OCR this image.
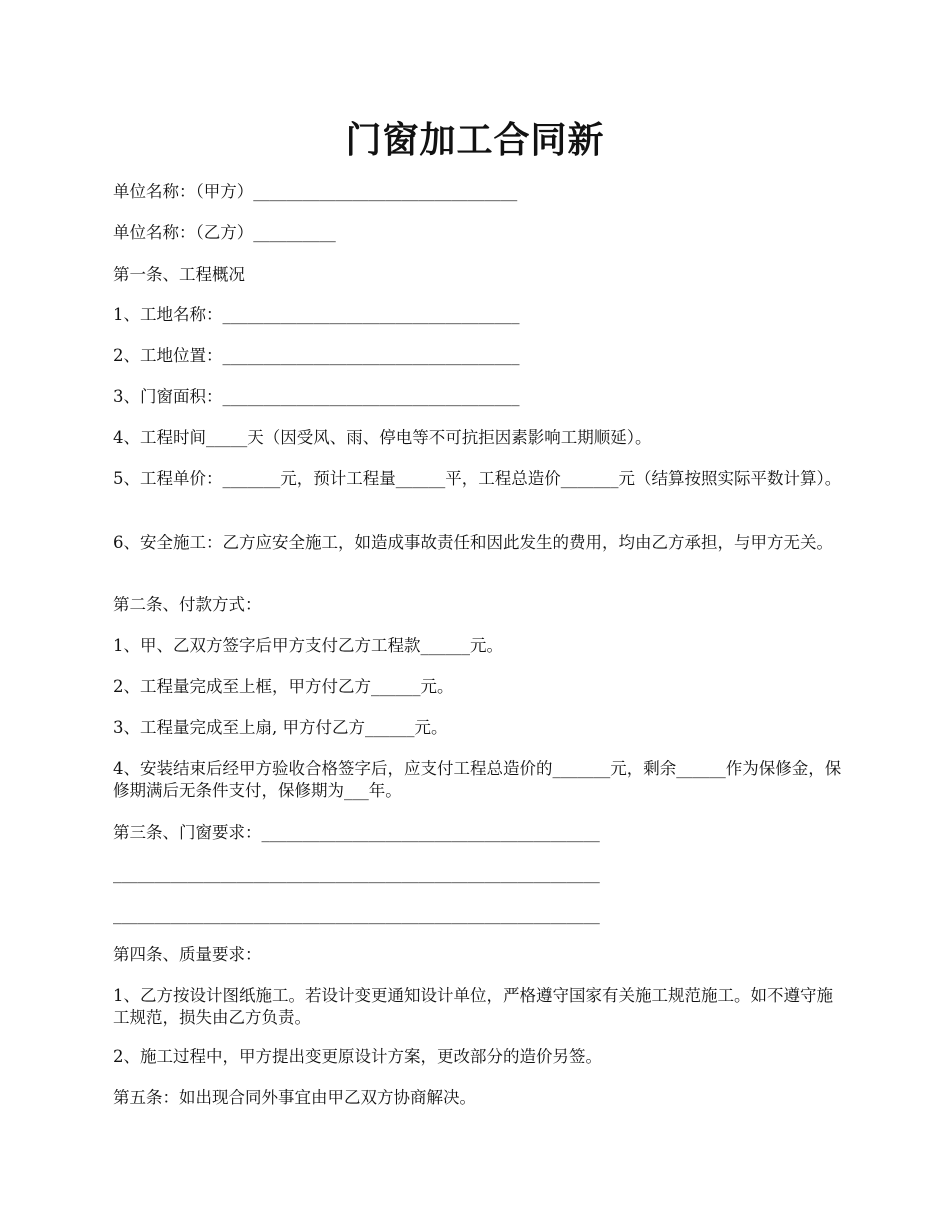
门窗加工合同新

单位名称：（甲方）________________________________

单位名称：（乙方）__________

第一条、工程概况

1、工地名称：____________________________________

2、工地位置：____________________________________

3、门窗面积：____________________________________

4、工程时间_____天（因受风、雨、停电等不可抗拒因素影响工期顺延）。

5、工程单价：_______元，预计工程量______平，工程总造价_______元（结算按照实际平数计算）。

6、安全施工：乙方应安全施工，如造成事故责任和因此发生的费用，均由乙方承担，与甲方无关。

第二条、付款方式：

1、甲、乙双方签字后甲方支付乙方工程款______元。

2、工程量完成至上框，甲方付乙方______元。

3、工程量完成至上扇, 甲方付乙方______元。

4、安装结束后经甲方验收合格签字后，应支付工程总造价的_______元，剩余______作为保修金，保修期满后无条件支付，保修期为___年。

第三条、门窗要求：_________________________________________

___________________________________________________________

___________________________________________________________

第四条、质量要求：

1、乙方按设计图纸施工。若设计变更通知设计单位，严格遵守国家有关施工规范施工。如不遵守施工规范，损失由乙方负责。

2、施工过程中，甲方提出变更原设计方案，更改部分的造价另签。

第五条：如出现合同外事宜由甲乙双方协商解决。
